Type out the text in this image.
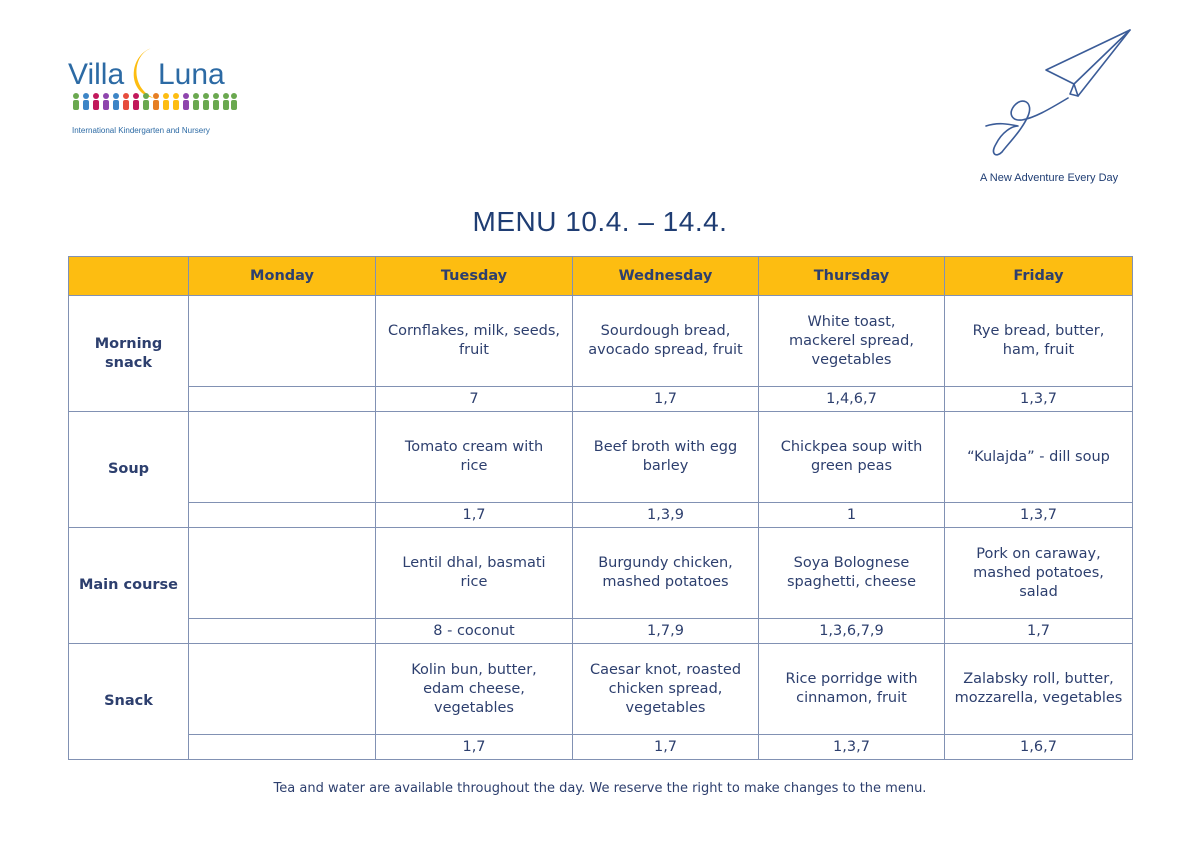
Villa Luna
International Kindergarten and Nursery
A New Adventure Every Day
MENU 10.4. – 14.4.
	Monday	Tuesday	Wednesday	Thursday	Friday

Morning snack		Cornflakes, milk, seeds, fruit	Sourdough bread, avocado spread, fruit	White toast, mackerel spread, vegetables	Rye bread, butter, ham, fruit

		7	1,7	1,4,6,7	1,3,7
Soup		Tomato cream with rice	Beef broth with egg barley	Chickpea soup with green peas	“Kulajda” - dill soup
		1,7	1,3,9	1	1,3,7
Main course		Lentil dhal, basmati rice	Burgundy chicken, mashed potatoes	Soya Bolognese spaghetti, cheese	Pork on caraway, mashed potatoes, salad

		8 - coconut	1,7,9	1,3,6,7,9	1,7
Snack		Kolin bun, butter, edam cheese, vegetables	Caesar knot, roasted chicken spread, vegetables	Rice porridge with cinnamon, fruit	Zalabsky roll, butter, mozzarella, vegetables

		1,7	1,7	1,3,7	1,6,7
Tea and water are available throughout the day. We reserve the right to make changes to the menu.
